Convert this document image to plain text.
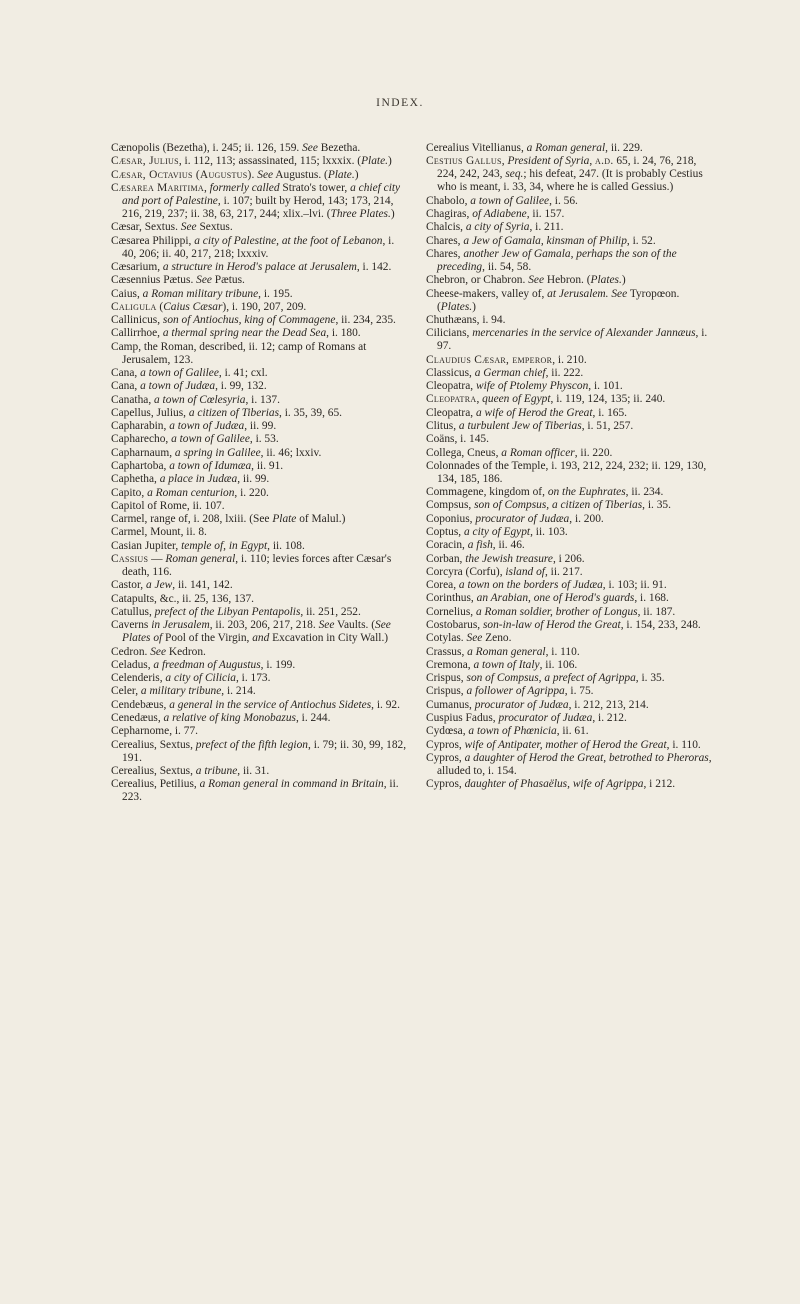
INDEX.

Cænopolis (Bezetha), i. 245; ii. 126, 159. See Bezetha.

Cæsar, Julius, i. 112, 113; assassinated, 115; lxxxix. (Plate.)

Cæsar, Octavius (Augustus). See Augustus. (Plate.)

Cæsarea Maritima, formerly called Strato's tower, a chief city and port of Palestine, i. 107; built by Herod, 143; 173, 214, 216, 219, 237; ii. 38, 63, 217, 244; xlix.–lvi. (Three Plates.)

Cæsar, Sextus. See Sextus.

Cæsarea Philippi, a city of Palestine, at the foot of Lebanon, i. 40, 206; ii. 40, 217, 218; lxxxiv.

Cæsarium, a structure in Herod's palace at Jerusalem, i. 142.

Cæsennius Pætus. See Pætus.

Caius, a Roman military tribune, i. 195.

Caligula (Caius Cæsar), i. 190, 207, 209.

Callinicus, son of Antiochus, king of Commagene, ii. 234, 235.

Callirrhoe, a thermal spring near the Dead Sea, i. 180.

Camp, the Roman, described, ii. 12; camp of Romans at Jerusalem, 123.

Cana, a town of Galilee, i. 41; cxl.

Cana, a town of Judæa, i. 99, 132.

Canatha, a town of Cœlesyria, i. 137.

Capellus, Julius, a citizen of Tiberias, i. 35, 39, 65.

Capharabin, a town of Judæa, ii. 99.

Capharecho, a town of Galilee, i. 53.

Capharnaum, a spring in Galilee, ii. 46; lxxiv.

Caphartoba, a town of Idumæa, ii. 91.

Caphetha, a place in Judæa, ii. 99.

Capito, a Roman centurion, i. 220.

Capitol of Rome, ii. 107.

Carmel, range of, i. 208, lxiii. (See Plate of Malul.)

Carmel, Mount, ii. 8.

Casian Jupiter, temple of, in Egypt, ii. 108.

Cassius — Roman general, i. 110; levies forces after Cæsar's death, 116.

Castor, a Jew, ii. 141, 142.

Catapults, &c., ii. 25, 136, 137.

Catullus, prefect of the Libyan Pentapolis, ii. 251, 252.

Caverns in Jerusalem, ii. 203, 206, 217, 218. See Vaults. (See Plates of Pool of the Virgin, and Excavation in City Wall.)

Cedron. See Kedron.

Celadus, a freedman of Augustus, i. 199.

Celenderis, a city of Cilicia, i. 173.

Celer, a military tribune, i. 214.

Cendebæus, a general in the service of Antiochus Sidetes, i. 92.

Cenedæus, a relative of king Monobazus, i. 244.

Cepharnome, i. 77.

Cerealius, Sextus, prefect of the fifth legion, i. 79; ii. 30, 99, 182, 191.

Cerealius, Sextus, a tribune, ii. 31.

Cerealius, Petilius, a Roman general in command in Britain, ii. 223.

Cerealius Vitellianus, a Roman general, ii. 229.

Cestius Gallus, President of Syria, a.d. 65, i. 24, 76, 218, 224, 242, 243, seq.; his defeat, 247. (It is probably Cestius who is meant, i. 33, 34, where he is called Gessius.)

Chabolo, a town of Galilee, i. 56.

Chagiras, of Adiabene, ii. 157.

Chalcis, a city of Syria, i. 211.

Chares, a Jew of Gamala, kinsman of Philip, i. 52.

Chares, another Jew of Gamala, perhaps the son of the preceding, ii. 54, 58.

Chebron, or Chabron. See Hebron. (Plates.)

Cheese-makers, valley of, at Jerusalem. See Tyropœon. (Plates.)

Chuthæans, i. 94.

Cilicians, mercenaries in the service of Alexander Jannæus, i. 97.

Claudius Cæsar, emperor, i. 210.

Classicus, a German chief, ii. 222.

Cleopatra, wife of Ptolemy Physcon, i. 101.

Cleopatra, queen of Egypt, i. 119, 124, 135; ii. 240.

Cleopatra, a wife of Herod the Great, i. 165.

Clitus, a turbulent Jew of Tiberias, i. 51, 257.

Coäns, i. 145.

Collega, Cneus, a Roman officer, ii. 220.

Colonnades of the Temple, i. 193, 212, 224, 232; ii. 129, 130, 134, 185, 186.

Commagene, kingdom of, on the Euphrates, ii. 234.

Compsus, son of Compsus, a citizen of Tiberias, i. 35.

Coponius, procurator of Judæa, i. 200.

Coptus, a city of Egypt, ii. 103.

Coracin, a fish, ii. 46.

Corban, the Jewish treasure, i 206.

Corcyra (Corfu), island of, ii. 217.

Corea, a town on the borders of Judæa, i. 103; ii. 91.

Corinthus, an Arabian, one of Herod's guards, i. 168.

Cornelius, a Roman soldier, brother of Longus, ii. 187.

Costobarus, son-in-law of Herod the Great, i. 154, 233, 248.

Cotylas. See Zeno.

Crassus, a Roman general, i. 110.

Cremona, a town of Italy, ii. 106.

Crispus, son of Compsus, a prefect of Agrippa, i. 35.

Crispus, a follower of Agrippa, i. 75.

Cumanus, procurator of Judæa, i. 212, 213, 214.

Cuspius Fadus, procurator of Judæa, i. 212.

Cydœsa, a town of Phœnicia, ii. 61.

Cypros, wife of Antipater, mother of Herod the Great, i. 110.

Cypros, a daughter of Herod the Great, betrothed to Pheroras, alluded to, i. 154.

Cypros, daughter of Phasaëlus, wife of Agrippa, i 212.
